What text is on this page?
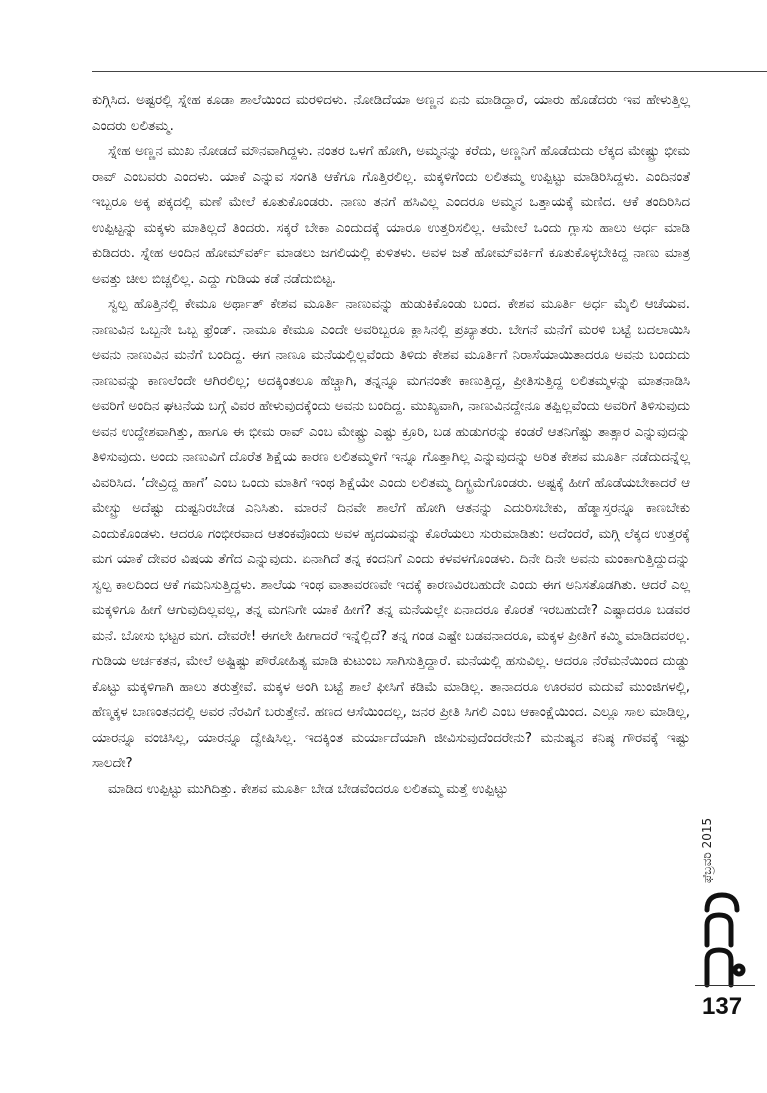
ಕುಗ್ಗಿಸಿದ. ಅಷ್ಟರಲ್ಲಿ ಸ್ನೇಹ ಕೂಡಾ ಶಾಲೆಯಿಂದ ಮರಳಿದಳು. ನೋಡಿದೆಯಾ ಅಣ್ಣನ ಏನು ಮಾಡಿದ್ದಾರೆ, ಯಾರು ಹೊಡೆದರು ಇವ ಹೇಳುತ್ತಿಲ್ಲ ಎಂದರು ಲಲಿತಮ್ಮ.

ಸ್ನೇಹ ಅಣ್ಣನ ಮುಖ ನೋಡದೆ ಮೌನವಾಗಿದ್ದಳು. ನಂತರ ಒಳಗೆ ಹೋಗಿ, ಅಮ್ಮನನ್ನು ಕರೆದು, ಅಣ್ಣನಿಗೆ ಹೊಡೆದುದು ಲೆಕ್ಕದ ಮೇಷ್ಟ್ರು ಭೀಮ ರಾವ್ ಎಂಬವರು ಎಂದಳು. ಯಾಕೆ ಎನ್ನುವ ಸಂಗತಿ ಆಕೆಗೂ ಗೊತ್ತಿರಲಿಲ್ಲ. ಮಕ್ಕಳಿಗೆಂದು ಲಲಿತಮ್ಮ ಉಪ್ಪಿಟ್ಟು ಮಾಡಿರಿಸಿದ್ದಳು. ಎಂದಿನಂತೆ ಇಬ್ಬರೂ ಅಕ್ಕ ಪಕ್ಕದಲ್ಲಿ ಮಣೆ ಮೇಲೆ ಕೂತುಕೊಂಡರು. ನಾಣು ತನಗೆ ಹಸಿವಿಲ್ಲ ಎಂದರೂ ಅಮ್ಮನ ಒತ್ತಾಯಕ್ಕೆ ಮಣಿದ. ಆಕೆ ತಂದಿರಿಸಿದ ಉಪ್ಪಿಟ್ಟನ್ನು ಮಕ್ಕಳು ಮಾತಿಲ್ಲದೆ ತಿಂದರು. ಸಕ್ಕರೆ ಬೇಕಾ ಎಂದುದಕ್ಕೆ ಯಾರೂ ಉತ್ತರಿಸಲಿಲ್ಲ. ಆಮೇಲೆ ಒಂದು ಗ್ಲಾಸು ಹಾಲು ಅರ್ಧ ಮಾಡಿ ಕುಡಿದರು. ಸ್ನೇಹ ಅಂದಿನ ಹೋಮ್‌ವರ್ಕ್ ಮಾಡಲು ಜಗಲಿಯಲ್ಲಿ ಕುಳಿತಳು. ಅವಳ ಜತೆ ಹೋಮ್‌ವರ್ಕಿಗೆ ಕೂತುಕೊಳ್ಳಬೇಕಿದ್ದ ನಾಣು ಮಾತ್ರ ಅವತ್ತು ಚೀಲ ಬಿಚ್ಚಲಿಲ್ಲ. ಎದ್ದು ಗುಡಿಯ ಕಡೆ ನಡೆದುಬಿಟ್ಟ.

ಸ್ವಲ್ಪ ಹೊತ್ತಿನಲ್ಲಿ ಕೇಮೂ ಅರ್ಥಾತ್ ಕೇಶವ ಮೂರ್ತಿ ನಾಣುವನ್ನು ಹುಡುಕಿಕೊಂಡು ಬಂದ. ಕೇಶವ ಮೂರ್ತಿ ಅರ್ಧ ಮೈಲಿ ಆಚೆಯವ. ನಾಣುವಿನ ಒಬ್ಬನೇ ಒಬ್ಬ ಫ್ರೆಂಡ್. ನಾಮೂ ಕೇಮೂ ಎಂದೇ ಅವರಿಬ್ಬರೂ ಕ್ಲಾಸಿನಲ್ಲಿ ಪ್ರಖ್ಯಾತರು. ಬೇಗನೆ ಮನೆಗೆ ಮರಳಿ ಬಟ್ಟೆ ಬದಲಾಯಿಸಿ ಅವನು ನಾಣುವಿನ ಮನೆಗೆ ಬಂದಿದ್ದ. ಈಗ ನಾಣೂ ಮನೆಯಲ್ಲಿಲ್ಲವೆಂದು ತಿಳಿದು ಕೇಶವ ಮೂರ್ತಿಗೆ ನಿರಾಸೆಯಾಯಿತಾದರೂ ಅವನು ಬಂದುದು ನಾಣುವನ್ನು ಕಾಣಲೆಂದೇ ಆಗಿರಲಿಲ್ಲ; ಅದಕ್ಕಿಂತಲೂ ಹೆಚ್ಚಾಗಿ, ತನ್ನನ್ನೂ ಮಗನಂತೇ ಕಾಣುತ್ತಿದ್ದ, ಪ್ರೀತಿಸುತ್ತಿದ್ದ ಲಲಿತಮ್ಮಳನ್ನು ಮಾತನಾಡಿಸಿ ಅವರಿಗೆ ಅಂದಿನ ಘಟನೆಯ ಬಗ್ಗೆ ವಿವರ ಹೇಳುವುದಕ್ಕೆಂದು ಅವನು ಬಂದಿದ್ದ. ಮುಖ್ಯವಾಗಿ, ನಾಣುವಿನದ್ದೇನೂ ತಪ್ಪಿಲ್ಲವೆಂದು ಅವರಿಗೆ ತಿಳಿಸುವುದು ಅವನ ಉದ್ದೇಶವಾಗಿತ್ತು, ಹಾಗೂ ಈ ಭೀಮ ರಾವ್ ಎಂಬ ಮೇಷ್ಟ್ರು ಎಷ್ಟು ಕ್ರೂರಿ, ಬಡ ಹುಡುಗರನ್ನು ಕಂಡರೆ ಆತನಿಗೆಷ್ಟು ತಾತ್ಸಾರ ಎನ್ನುವುದನ್ನು ತಿಳಿಸುವುದು. ಅಂದು ನಾಣುವಿಗೆ ದೊರೆತ ಶಿಕ್ಷೆಯ ಕಾರಣ ಲಲಿತಮ್ಮಳಿಗೆ ಇನ್ನೂ ಗೊತ್ತಾಗಿಲ್ಲ ಎನ್ನುವುದನ್ನು ಅರಿತ ಕೇಶವ ಮೂರ್ತಿ ನಡೆದುದನ್ನೆಲ್ಲ ವಿವರಿಸಿದ. ‘ದೇವ್ರಿದ್ದ ಹಾಗೆ’ ಎಂಬ ಒಂದು ಮಾತಿಗೆ ಇಂಥ ಶಿಕ್ಷೆಯೇ ಎಂದು ಲಲಿತಮ್ಮ ದಿಗ್ಭ್ರಮೆಗೊಂಡರು. ಅಷ್ಟಕ್ಕೆ ಹೀಗೆ ಹೊಡೆಯಬೇಕಾದರೆ ಆ ಮೇಸ್ಟ್ರು ಅದೆಷ್ಟು ದುಷ್ಟನಿರಬೇಡ ಎನಿಸಿತು. ಮಾರನೆ ದಿನವೇ ಶಾಲೆಗೆ ಹೋಗಿ ಆತನನ್ನು ಎದುರಿಸಬೇಕು, ಹೆಡ್ಮಾಸ್ತರನ್ನೂ ಕಾಣಬೇಕು ಎಂದುಕೊಂಡಳು. ಆದರೂ ಗಂಭೀರವಾದ ಆತಂಕವೊಂದು ಅವಳ ಹೃದಯವನ್ನು ಕೊರೆಯಲು ಸುರುಮಾಡಿತು: ಅದೆಂದರೆ, ಮಗ್ಗಿ ಲೆಕ್ಕದ ಉತ್ತರಕ್ಕೆ ಮಗ ಯಾಕೆ ದೇವರ ವಿಷಯ ತೆಗೆದ ಎನ್ನುವುದು. ಏನಾಗಿದೆ ತನ್ನ ಕಂದನಿಗೆ ಎಂದು ಕಳವಳಗೊಂಡಳು. ದಿನೇ ದಿನೇ ಅವನು ಮಂಕಾಗುತ್ತಿದ್ದುದನ್ನು ಸ್ವಲ್ಪ ಕಾಲದಿಂದ ಆಕೆ ಗಮನಿಸುತ್ತಿದ್ದಳು. ಶಾಲೆಯ ಇಂಥ ವಾತಾವರಣವೇ ಇದಕ್ಕೆ ಕಾರಣವಿರಬಹುದೇ ಎಂದು ಈಗ ಅನಿಸತೊಡಗಿತು. ಆದರೆ ಎಲ್ಲ ಮಕ್ಕಳಿಗೂ ಹೀಗೆ ಆಗುವುದಿಲ್ಲವಲ್ಲ, ತನ್ನ ಮಗನಿಗೇ ಯಾಕೆ ಹೀಗೆ? ತನ್ನ ಮನೆಯಲ್ಲೇ ಏನಾದರೂ ಕೊರತೆ ಇರಬಹುದೇ? ಎಷ್ಟಾದರೂ ಬಡವರ ಮನೆ. ಬೋಸು ಭಟ್ಟರ ಮಗ. ದೇವರೇ! ಈಗಲೇ ಹೀಗಾದರೆ ಇನ್ನೆಲ್ಲಿದೆ? ತನ್ನ ಗಂಡ ಎಷ್ಟೇ ಬಡವನಾದರೂ, ಮಕ್ಕಳ ಪ್ರೀತಿಗೆ ಕಮ್ಮಿ ಮಾಡಿದವರಲ್ಲ. ಗುಡಿಯ ಅರ್ಚಕತನ, ಮೇಲೆ ಅಷ್ಟಿಷ್ಟು ಪೌರೋಹಿತ್ಯ ಮಾಡಿ ಕುಟುಂಬ ಸಾಗಿಸುತ್ತಿದ್ದಾರೆ. ಮನೆಯಲ್ಲಿ ಹಸುವಿಲ್ಲ. ಆದರೂ ನೆರೆಮನೆಯಿಂದ ದುಡ್ಡು ಕೊಟ್ಟು ಮಕ್ಕಳಿಗಾಗಿ ಹಾಲು ತರುತ್ತೇವೆ. ಮಕ್ಕಳ ಅಂಗಿ ಬಟ್ಟೆ ಶಾಲೆ ಫೀಸಿಗೆ ಕಡಿಮೆ ಮಾಡಿಲ್ಲ. ತಾನಾದರೂ ಊರವರ ಮದುವೆ ಮುಂಜಿಗಳಲ್ಲಿ, ಹೆಣ್ಮಕ್ಕಳ ಬಾಣಂತನದಲ್ಲಿ ಅವರ ನೆರವಿಗೆ ಬರುತ್ತೇನೆ. ಹಣದ ಆಸೆಯಿಂದಲ್ಲ, ಜನರ ಪ್ರೀತಿ ಸಿಗಲಿ ಎಂಬ ಆಕಾಂಕ್ಷೆಯಿಂದ. ಎಲ್ಲೂ ಸಾಲ ಮಾಡಿಲ್ಲ, ಯಾರನ್ನೂ ವಂಚಿಸಿಲ್ಲ, ಯಾರನ್ನೂ ದ್ವೇಷಿಸಿಲ್ಲ. ಇದಕ್ಕಿಂತ ಮರ್ಯಾದೆಯಾಗಿ ಜೀವಿಸುವುದೆಂದರೇನು? ಮನುಷ್ಯನ ಕನಿಷ್ಠ ಗೌರವಕ್ಕೆ ಇಷ್ಟು ಸಾಲದೇ?

ಮಾಡಿದ ಉಪ್ಪಿಟ್ಟು ಮುಗಿದಿತ್ತು. ಕೇಶವ ಮೂರ್ತಿ ಬೇಡ ಬೇಡವೆಂದರೂ ಲಲಿತಮ್ಮ ಮತ್ತೆ ಉಪ್ಪಿಟ್ಟು

ಫೆಬ್ರವರಿ 2015
137
